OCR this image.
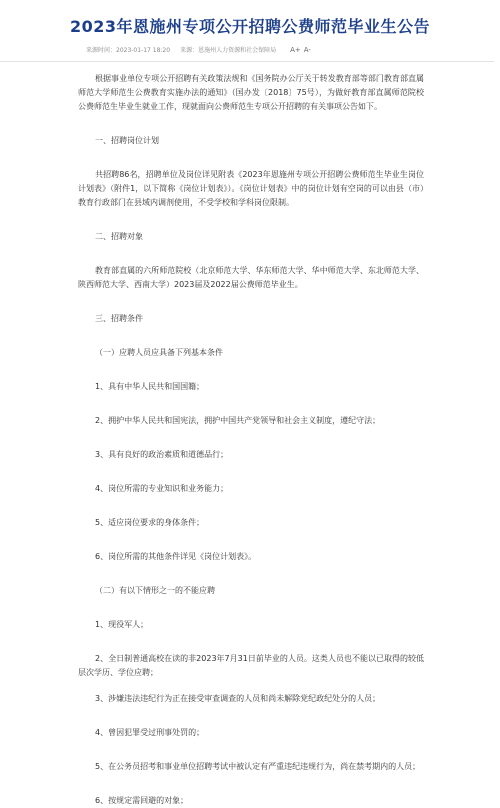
2023年恩施州专项公开招聘公费师范毕业生公告
来源时间：2023-01-17 18:20 来源：恩施州人力资源和社会保障局 A+ A-

根据事业单位专项公开招聘有关政策法规和《国务院办公厅关于转发教育部等部门教育部直属师范大学师范生公费教育实施办法的通知》（国办发〔2018〕75号），为做好教育部直属师范院校公费师范生毕业生就业工作，现就面向公费师范生专项公开招聘的有关事项公告如下。

一、招聘岗位计划

共招聘86名，招聘单位及岗位详见附表《2023年恩施州专项公开招聘公费师范生毕业生岗位计划表》（附件1，以下简称《岗位计划表》）。《岗位计划表》中的岗位计划有空岗的可以由县（市）教育行政部门在县域内调剂使用，不受学校和学科岗位限制。

二、招聘对象

教育部直属的六所师范院校（北京师范大学、华东师范大学、华中师范大学、东北师范大学、陕西师范大学、西南大学）2023届及2022届公费师范毕业生。

三、招聘条件

（一）应聘人员应具备下列基本条件

1、具有中华人民共和国国籍；

2、拥护中华人民共和国宪法，拥护中国共产党领导和社会主义制度，遵纪守法；

3、具有良好的政治素质和道德品行；

4、岗位所需的专业知识和业务能力；

5、适应岗位要求的身体条件；

6、岗位所需的其他条件详见《岗位计划表》。

（二）有以下情形之一的不能应聘

1、现役军人；

2、全日制普通高校在读的非2023年7月31日前毕业的人员。这类人员也不能以已取得的较低层次学历、学位应聘；

3、涉嫌违法违纪行为正在接受审查调查的人员和尚未解除党纪政纪处分的人员；

4、曾因犯罪受过刑事处罚的；

5、在公务员招考和事业单位招聘考试中被认定有严重违纪违规行为，尚在禁考期内的人员；

6、按规定需回避的对象；
